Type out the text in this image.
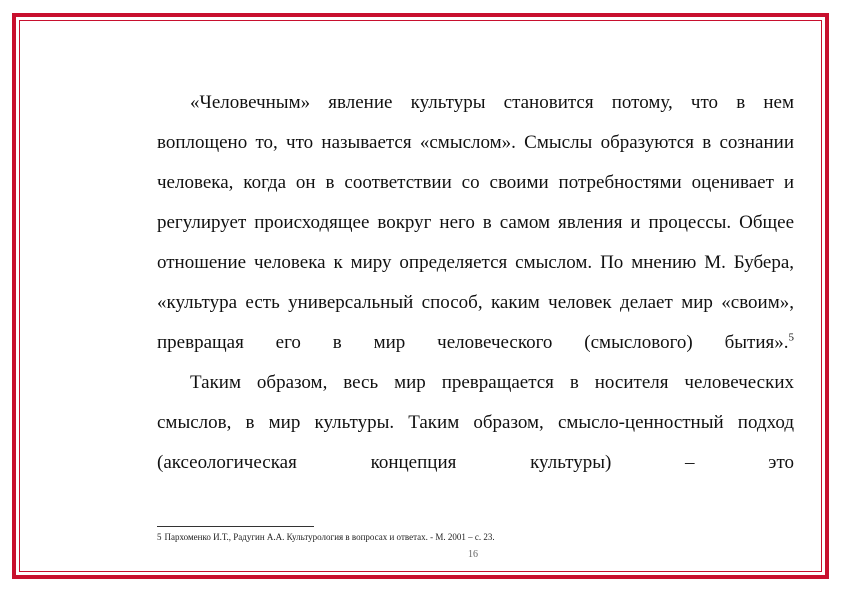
«Человечным» явление культуры становится потому, что в нем воплощено то, что называется «смыслом». Смыслы образуются в сознании человека, когда он в соответствии со своими потребностями оценивает и регулирует происходящее вокруг него в самом явления и процессы. Общее отношение человека к миру определяется смыслом. По мнению М. Бубера, «культура есть универсальный способ, каким человек делает мир «своим», превращая его в мир человеческого (смыслового) бытия».$^5$

Таким образом, весь мир превращается в носителя человеческих смыслов, в мир культуры. Таким образом, смысло-ценностный подход (аксеологическая концепция культуры) – это

5 Пархоменко И.Т., Радугин А.А. Культурология в вопросах и ответах. - М. 2001 – с. 23.
16
